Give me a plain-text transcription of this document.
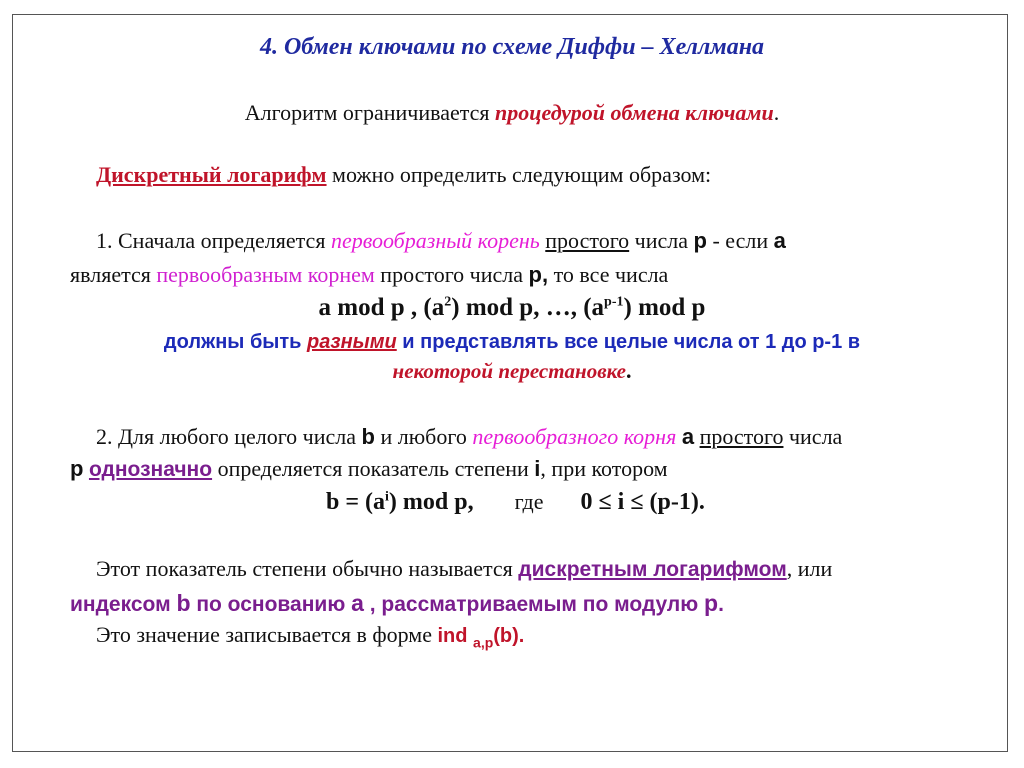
4. Обмен ключами по схеме Диффи – Хеллмана
Алгоритм ограничивается процедурой обмена ключами.
Дискретный логарифм можно определить следующим образом:
1. Сначала определяется первообразный корень простого числа р - если а
является первообразным корнем простого числа р, то все числа
а mod р , $(а^2)$ mod р, …, $(а^{р-1})$ mod р
должны быть разными и представлять все целые числа от 1 до р-1 в
некоторой перестановке.
2. Для любого целого числа b и любого первообразного корня а простого числа
р однозначно определяется показатель степени i, при котором
$b = (а^i)$ mod р, где 0 ≤ i ≤ (р-1).
Этот показатель степени обычно называется дискретным логарифмом, или
индексом b по основанию а , рассматриваемым по модулю р.
Это значение записывается в форме ind $_{а,р}$(b).
